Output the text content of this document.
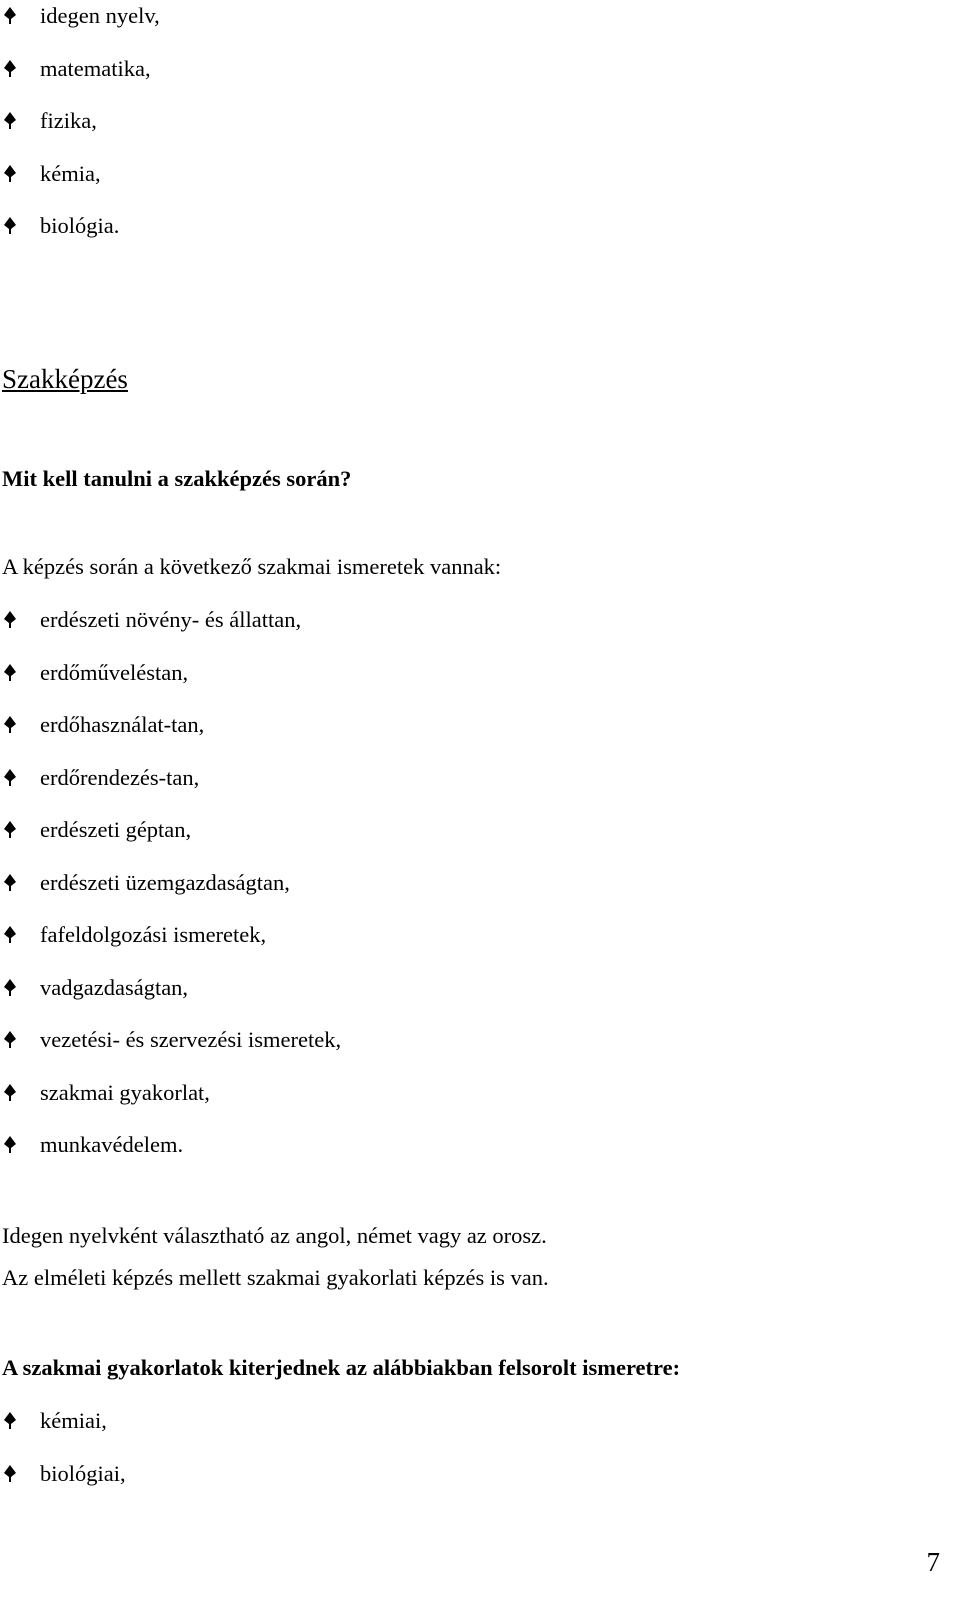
idegen nyelv,
matematika,
fizika,
kémia,
biológia.
Szakképzés
Mit kell tanulni a szakképzés során?
A képzés során a következő szakmai ismeretek vannak:
erdészeti növény- és állattan,
erdőműveléstan,
erdőhasználat-tan,
erdőrendezés-tan,
erdészeti géptan,
erdészeti üzemgazdaságtan,
fafeldolgozási ismeretek,
vadgazdaságtan,
vezetési- és szervezési ismeretek,
szakmai gyakorlat,
munkavédelem.
Idegen nyelvként választható az angol, német vagy az orosz.
Az elméleti képzés mellett szakmai gyakorlati képzés is van.
A szakmai gyakorlatok kiterjednek az alábbiakban felsorolt ismeretre:
kémiai,
biológiai,
7
